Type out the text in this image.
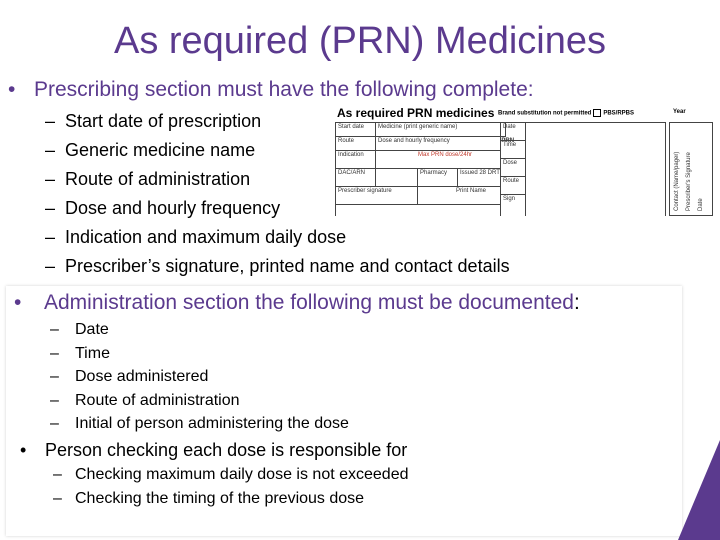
As required (PRN) Medicines
• Prescribing section must have the following complete:
– Start date of prescription
– Generic medicine name
– Route of administration
– Dose and hourly frequency
– Indication and maximum daily dose
– Prescriber’s signature, printed name and contact details
As required PRN medicines Brand substitution not permitted PBS/RPBS	Year
Start date	Medicine (print generic name)
Route	Dose and hourly frequency	PRN
Indication	Max PRN dose/24hr
DAC/ARN	Pharmacy	Issued 28 DRT
Prescriber signature	Print Name
Date
Time
Dose
Route
Sign	Contact (Name/pager) Prescriber's Signature Date
• Administration section the following must be documented:
– Date
– Time
– Dose administered
– Route of administration
– Initial of person administering the dose
• Person checking each dose is responsible for
– Checking maximum daily dose is not exceeded
– Checking the timing of the previous dose
